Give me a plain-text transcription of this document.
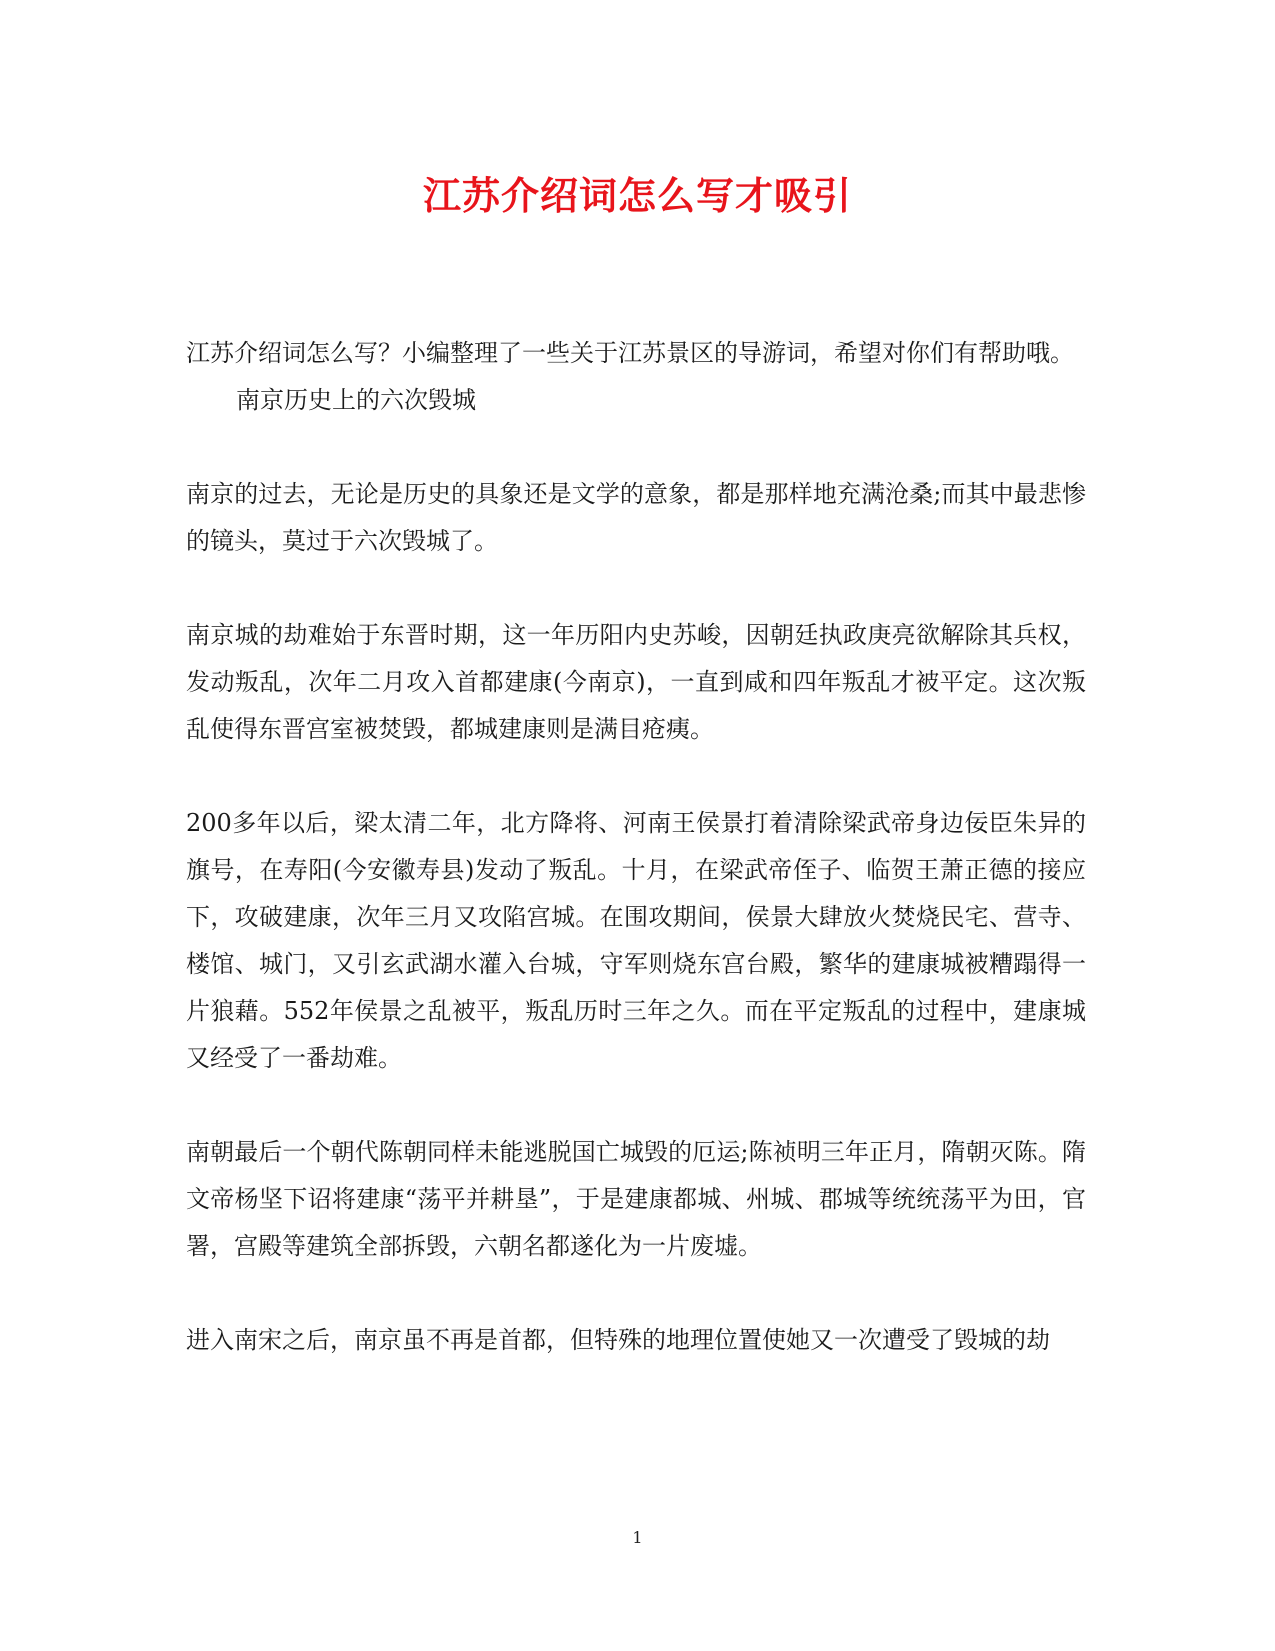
江苏介绍词怎么写才吸引

江苏介绍词怎么写？小编整理了一些关于江苏景区的导游词，希望对你们有帮助哦。

南京历史上的六次毁城

南京的过去，无论是历史的具象还是文学的意象，都是那样地充满沧桑;而其中最悲惨的镜头，莫过于六次毁城了。

南京城的劫难始于东晋时期，这一年历阳内史苏峻，因朝廷执政庚亮欲解除其兵权，发动叛乱，次年二月攻入首都建康(今南京)，一直到咸和四年叛乱才被平定。这次叛乱使得东晋宫室被焚毁，都城建康则是满目疮痍。

200多年以后，梁太清二年，北方降将、河南王侯景打着清除梁武帝身边佞臣朱异的旗号，在寿阳(今安徽寿县)发动了叛乱。十月，在梁武帝侄子、临贺王萧正德的接应下，攻破建康，次年三月又攻陷宫城。在围攻期间，侯景大肆放火焚烧民宅、营寺、楼馆、城门，又引玄武湖水灌入台城，守军则烧东宫台殿，繁华的建康城被糟蹋得一片狼藉。552年侯景之乱被平，叛乱历时三年之久。而在平定叛乱的过程中，建康城又经受了一番劫难。

南朝最后一个朝代陈朝同样未能逃脱国亡城毁的厄运;陈祯明三年正月，隋朝灭陈。隋文帝杨坚下诏将建康“荡平并耕垦”，于是建康都城、州城、郡城等统统荡平为田，官署，宫殿等建筑全部拆毁，六朝名都遂化为一片废墟。

进入南宋之后，南京虽不再是首都，但特殊的地理位置使她又一次遭受了毁城的劫

1
